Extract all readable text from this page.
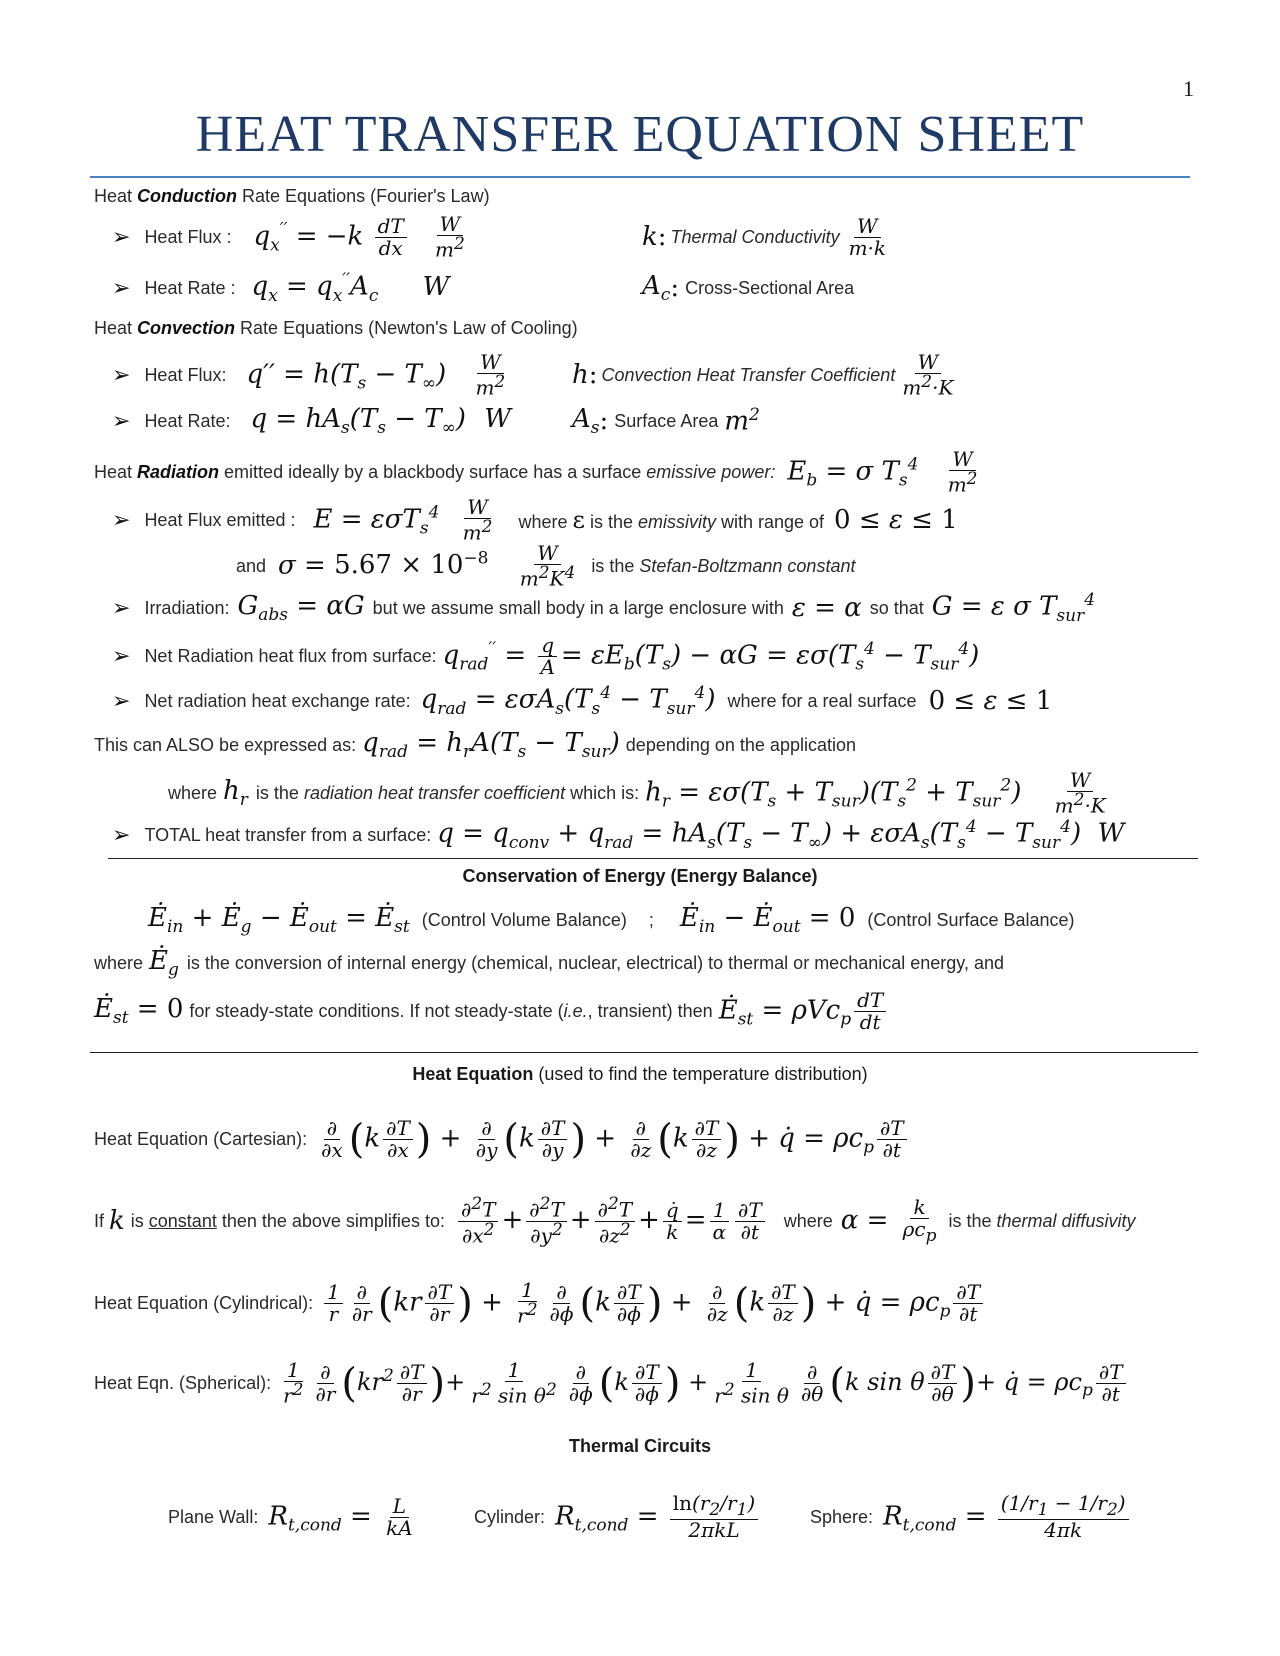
1
HEAT TRANSFER EQUATION SHEET
Heat Conduction Rate Equations (Fourier's Law)
➢ Heat Flux : $q_x'' = -k \frac{dT}{dx}$
$\frac{W}{m^2}$	k : Thermal Conductivity $\frac{W}{m\cdot k}$
➢ Heat Rate : $q_x = q_x''A_c$ W	$A_c$ : Cross-Sectional Area
Heat Convection Rate Equations (Newton's Law of Cooling)
➢ Heat Flux: $q'' = h(T_s - T_\infty) \frac{W}{m^2}$ h : Convection Heat Transfer Coefficient $\frac{W}{m^2\cdot K}$
➢ Heat Rate: $q = hA_s(T_s - T_\infty)$ W $A_s$ : Surface Area $m^2$
Heat Radiation emitted ideally by a blackbody surface has a surface emissive power: $E_b = \sigma$ $T_s^4 \frac{W}{m^2}$
➢ Heat Flux emitted : $E = \varepsilon\sigma T_s^4 \frac{W}{m^2}$ where ε is the emissivity with range of 0 ≤ ε ≤ 1
and $\sigma = 5.67 \times 10^{-8} \frac{W}{m^2K^4}$ is the Stefan-Boltzmann constant
➢ Irradiation: $G_{abs} = \alpha G$ but we assume small body in a large enclosure with ε = α so that G = ε σ $T_{sur}^4$
➢ Net Radiation heat flux from surface: $q_{rad}'' = \frac{q}{A} = \varepsilon E_b(T_s) - \alpha G = \varepsilon\sigma(T_s^4 - T_{sur}^4)$
➢ Net radiation heat exchange rate: $q_{rad} = \varepsilon\sigma A_s(T_s^4 - T_{sur}^4)$ where for a real surface 0 ≤ ε ≤ 1
This can ALSO be expressed as: $q_{rad} = h_rA(T_s - T_{sur})$ depending on the application
where $h_r$ is the radiation heat transfer coefficient which is: $h_r = \varepsilon\sigma(T_s + T_{sur})(T_s^2 + T_{sur}^2) \frac{W}{m^2\cdot K}$
➢ TOTAL heat transfer from a surface: $q = q_{conv} + q_{rad} = hA_s(T_s - T_\infty) + \varepsilon\sigma A_s(T_s^4 - T_{sur}^4)$  W
Conservation of Energy (Energy Balance)
$Ė_{in}$ + $Ė_g$ − $Ė_{out}$ = $Ė_{st}$ (Control Volume Balance) ; $Ė_{in}$ − $Ė_{out} = 0$ (Control Surface Balance)
where $Ė_g$ is the conversion of internal energy (chemical, nuclear, electrical) to thermal or mechanical energy, and
$Ė_{st} = 0$ for steady-state conditions. If not steady-state (i.e., transient) then $Ė_{st} = \rho Vc_p \frac{dT}{dt}$
Heat Equation (used to find the temperature distribution)
Heat Equation (Cartesian): $\frac{\partial}{\partial x} (k \frac{\partial T}{\partial x}$ ) + $\frac{\partial}{\partial y} (k \frac{\partial T}{\partial y}$ ) + $\frac{\partial}{\partial z} (k \frac{\partial T}{\partial z}$ ) + q̇ = $\rho c_p \frac{\partial T}{\partial t}$
If k is constant then the above simplifies to: $\frac{\partial^2T}{\partial x^2} + \frac{\partial^2T}{\partial y^2} + \frac{\partial^2T}{\partial z^2} + \frac{q̇}{k} = \frac{1}{\alpha} \frac{\partial T}{\partial t}$ where $\alpha = \frac{k}{\rho c_p}$ is the thermal diffusivity
Heat Equation (Cylindrical): $\frac{1}{r} \frac{\partial}{\partial r} (kr \frac{\partial T}{\partial r}$ ) + $\frac{1}{r^2} \frac{\partial}{\partial\phi} (k \frac{\partial T}{\partial\phi}$ ) + $\frac{\partial}{\partial z} (k \frac{\partial T}{\partial z}$ ) + q̇ = $\rho c_p \frac{\partial T}{\partial t}$
Heat Eqn. (Spherical): $\frac{1}{r^2} \frac{\partial}{\partial r} (kr^2 \frac{\partial T}{\partial r}$ )+ $\frac{1}{r^2 \sin \theta^2} \frac{\partial}{\partial\phi} (k \frac{\partial T}{\partial\phi}$ ) + $\frac{1}{r^2 \sin \theta} \frac{\partial}{\partial\theta} (k$ sin θ $\frac{\partial T}{\partial\theta}$ )+ q̇ = $\rho c_p \frac{\partial T}{\partial t}$
Thermal Circuits
Plane Wall: $R_{t,cond} = \frac{L}{kA}$	Cylinder: $R_{t,cond} = \frac{\ln(r_2/r_1)}{\text{2πkL}}$	Sphere: $R_{t,cond} = \frac{(1/r_1 - 1/r_2)}{4\pi k}$
